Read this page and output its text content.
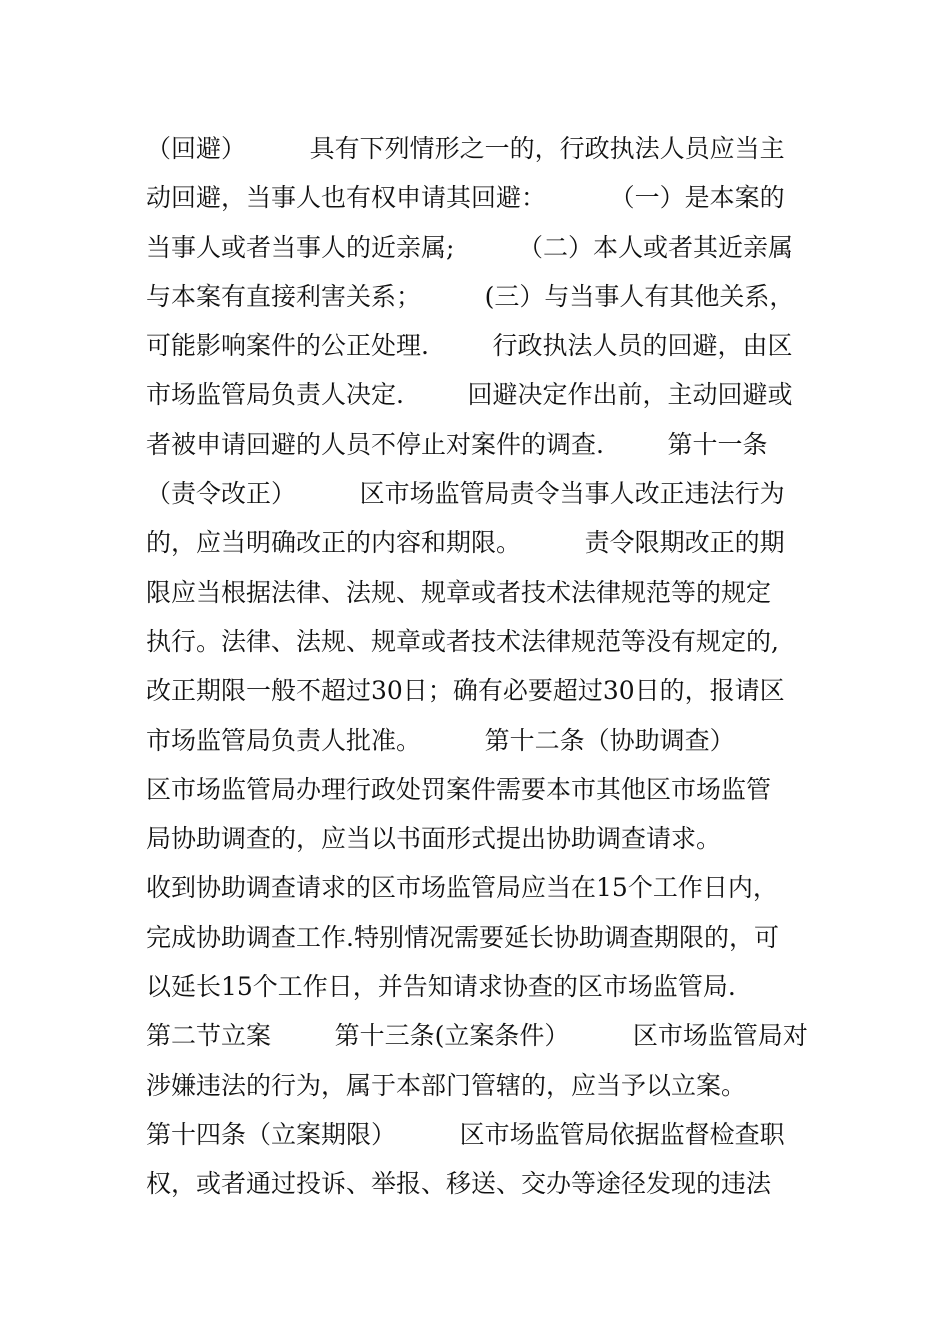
（回避）        具有下列情形之一的，行政执法人员应当主
动回避，当事人也有权申请其回避：        （一）是本案的
当事人或者当事人的近亲属;        （二）本人或者其近亲属
与本案有直接利害关系；        (三）与当事人有其他关系，
可能影响案件的公正处理.        行政执法人员的回避，由区
市场监管局负责人决定.        回避决定作出前，主动回避或
者被申请回避的人员不停止对案件的调查.        第十一条
（责令改正）        区市场监管局责令当事人改正违法行为
的，应当明确改正的内容和期限。        责令限期改正的期
限应当根据法律、法规、规章或者技术法律规范等的规定
执行。法律、法规、规章或者技术法律规范等没有规定的,
改正期限一般不超过30日；确有必要超过30日的，报请区
市场监管局负责人批准。        第十二条（协助调查）
区市场监管局办理行政处罚案件需要本市其他区市场监管
局协助调查的，应当以书面形式提出协助调查请求。
收到协助调查请求的区市场监管局应当在15个工作日内，
完成协助调查工作.特别情况需要延长协助调查期限的，可
以延长15个工作日，并告知请求协查的区市场监管局.
第二节立案        第十三条(立案条件）        区市场监管局对
涉嫌违法的行为，属于本部门管辖的，应当予以立案。
第十四条（立案期限）        区市场监管局依据监督检查职
权，或者通过投诉、举报、移送、交办等途径发现的违法
